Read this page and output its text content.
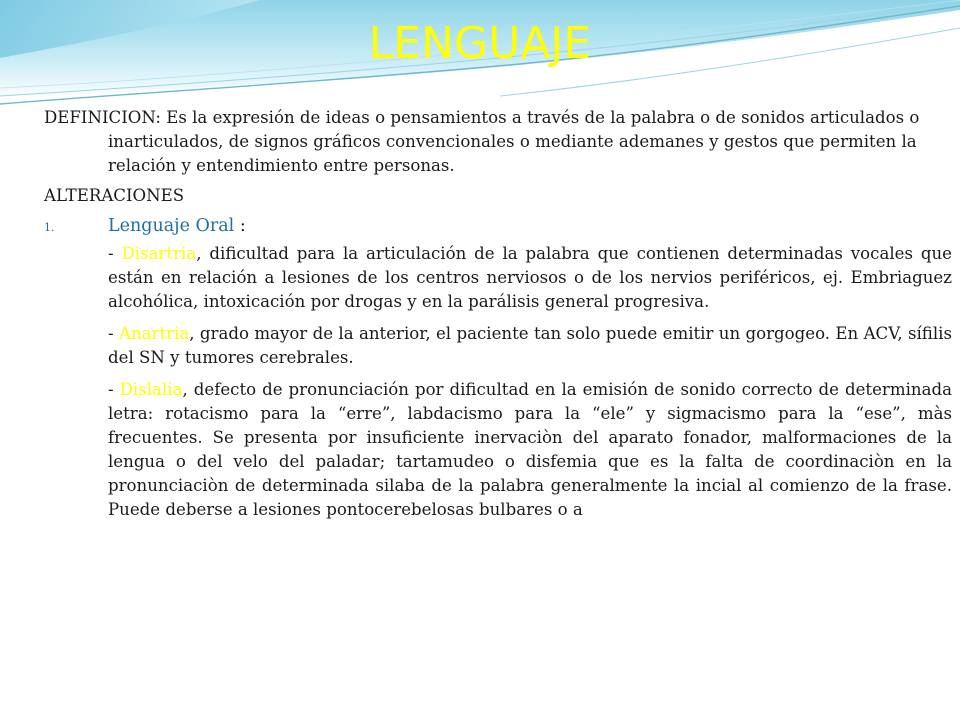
LENGUAJE

DEFINICION: Es la expresión de ideas o pensamientos a través de la palabra o de sonidos articulados o inarticulados, de signos gráficos convencionales o mediante ademanes y gestos que permiten la relación y entendimiento entre personas.

ALTERACIONES

1.	Lenguaje Oral :

- Disartria, dificultad para la articulación de la palabra que contienen determinadas vocales que están en relación a lesiones de los centros nerviosos o de los nervios periféricos, ej. Embriaguez alcohólica, intoxicación por drogas y en la parálisis general progresiva.

- Anartria, grado mayor de la anterior, el paciente tan solo puede emitir un gorgogeo. En ACV, sífilis del SN y tumores cerebrales.

- Dislalia, defecto de pronunciación por dificultad en la emisión de sonido correcto de determinada letra: rotacismo para la “erre”, labdacismo para la “ele” y sigmacismo para la “ese”, màs frecuentes. Se presenta por insuficiente inervaciòn del aparato fonador, malformaciones de la lengua o del velo del paladar; tartamudeo o disfemia que es la falta de coordinaciòn en la pronunciaciòn de determinada silaba de la palabra generalmente la incial al comienzo de la frase. Puede deberse a lesiones pontocerebelosas bulbares o a
